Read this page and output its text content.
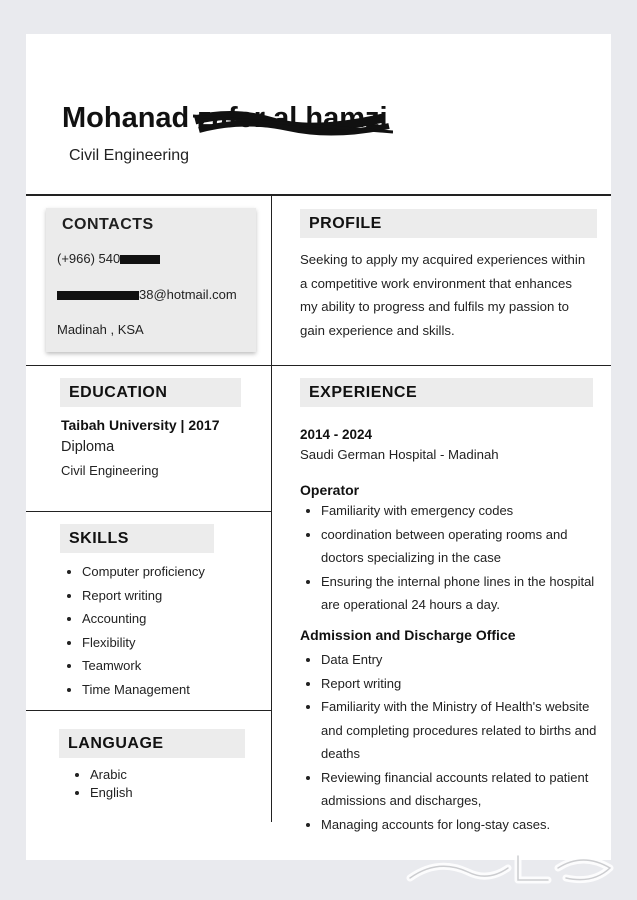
Mohanad zafer al hamzi
Civil Engineering
CONTACTS
(+966) 540
38@hotmail.com
Madinah , KSA
PROFILE
Seeking to apply my acquired experiences within a competitive work environment that enhances my ability to progress and fulfils my passion to gain experience and skills.
EDUCATION
Taibah University | 2017
Diploma
Civil Engineering
SKILLS
• Computer proficiency
• Report writing
• Accounting
• Flexibility
• Teamwork
• Time Management
LANGUAGE
• Arabic
• English
EXPERIENCE
2014 - 2024
Saudi German Hospital - Madinah
Operator
• Familiarity with emergency codes
• coordination between operating rooms and doctors specializing in the case
• Ensuring the internal phone lines in the hospital are operational 24 hours a day.
Admission and Discharge Office
• Data Entry
• Report writing
• Familiarity with the Ministry of Health's website and completing procedures related to births and deaths
• Reviewing financial accounts related to patient admissions and discharges,
• Managing accounts for long-stay cases.
